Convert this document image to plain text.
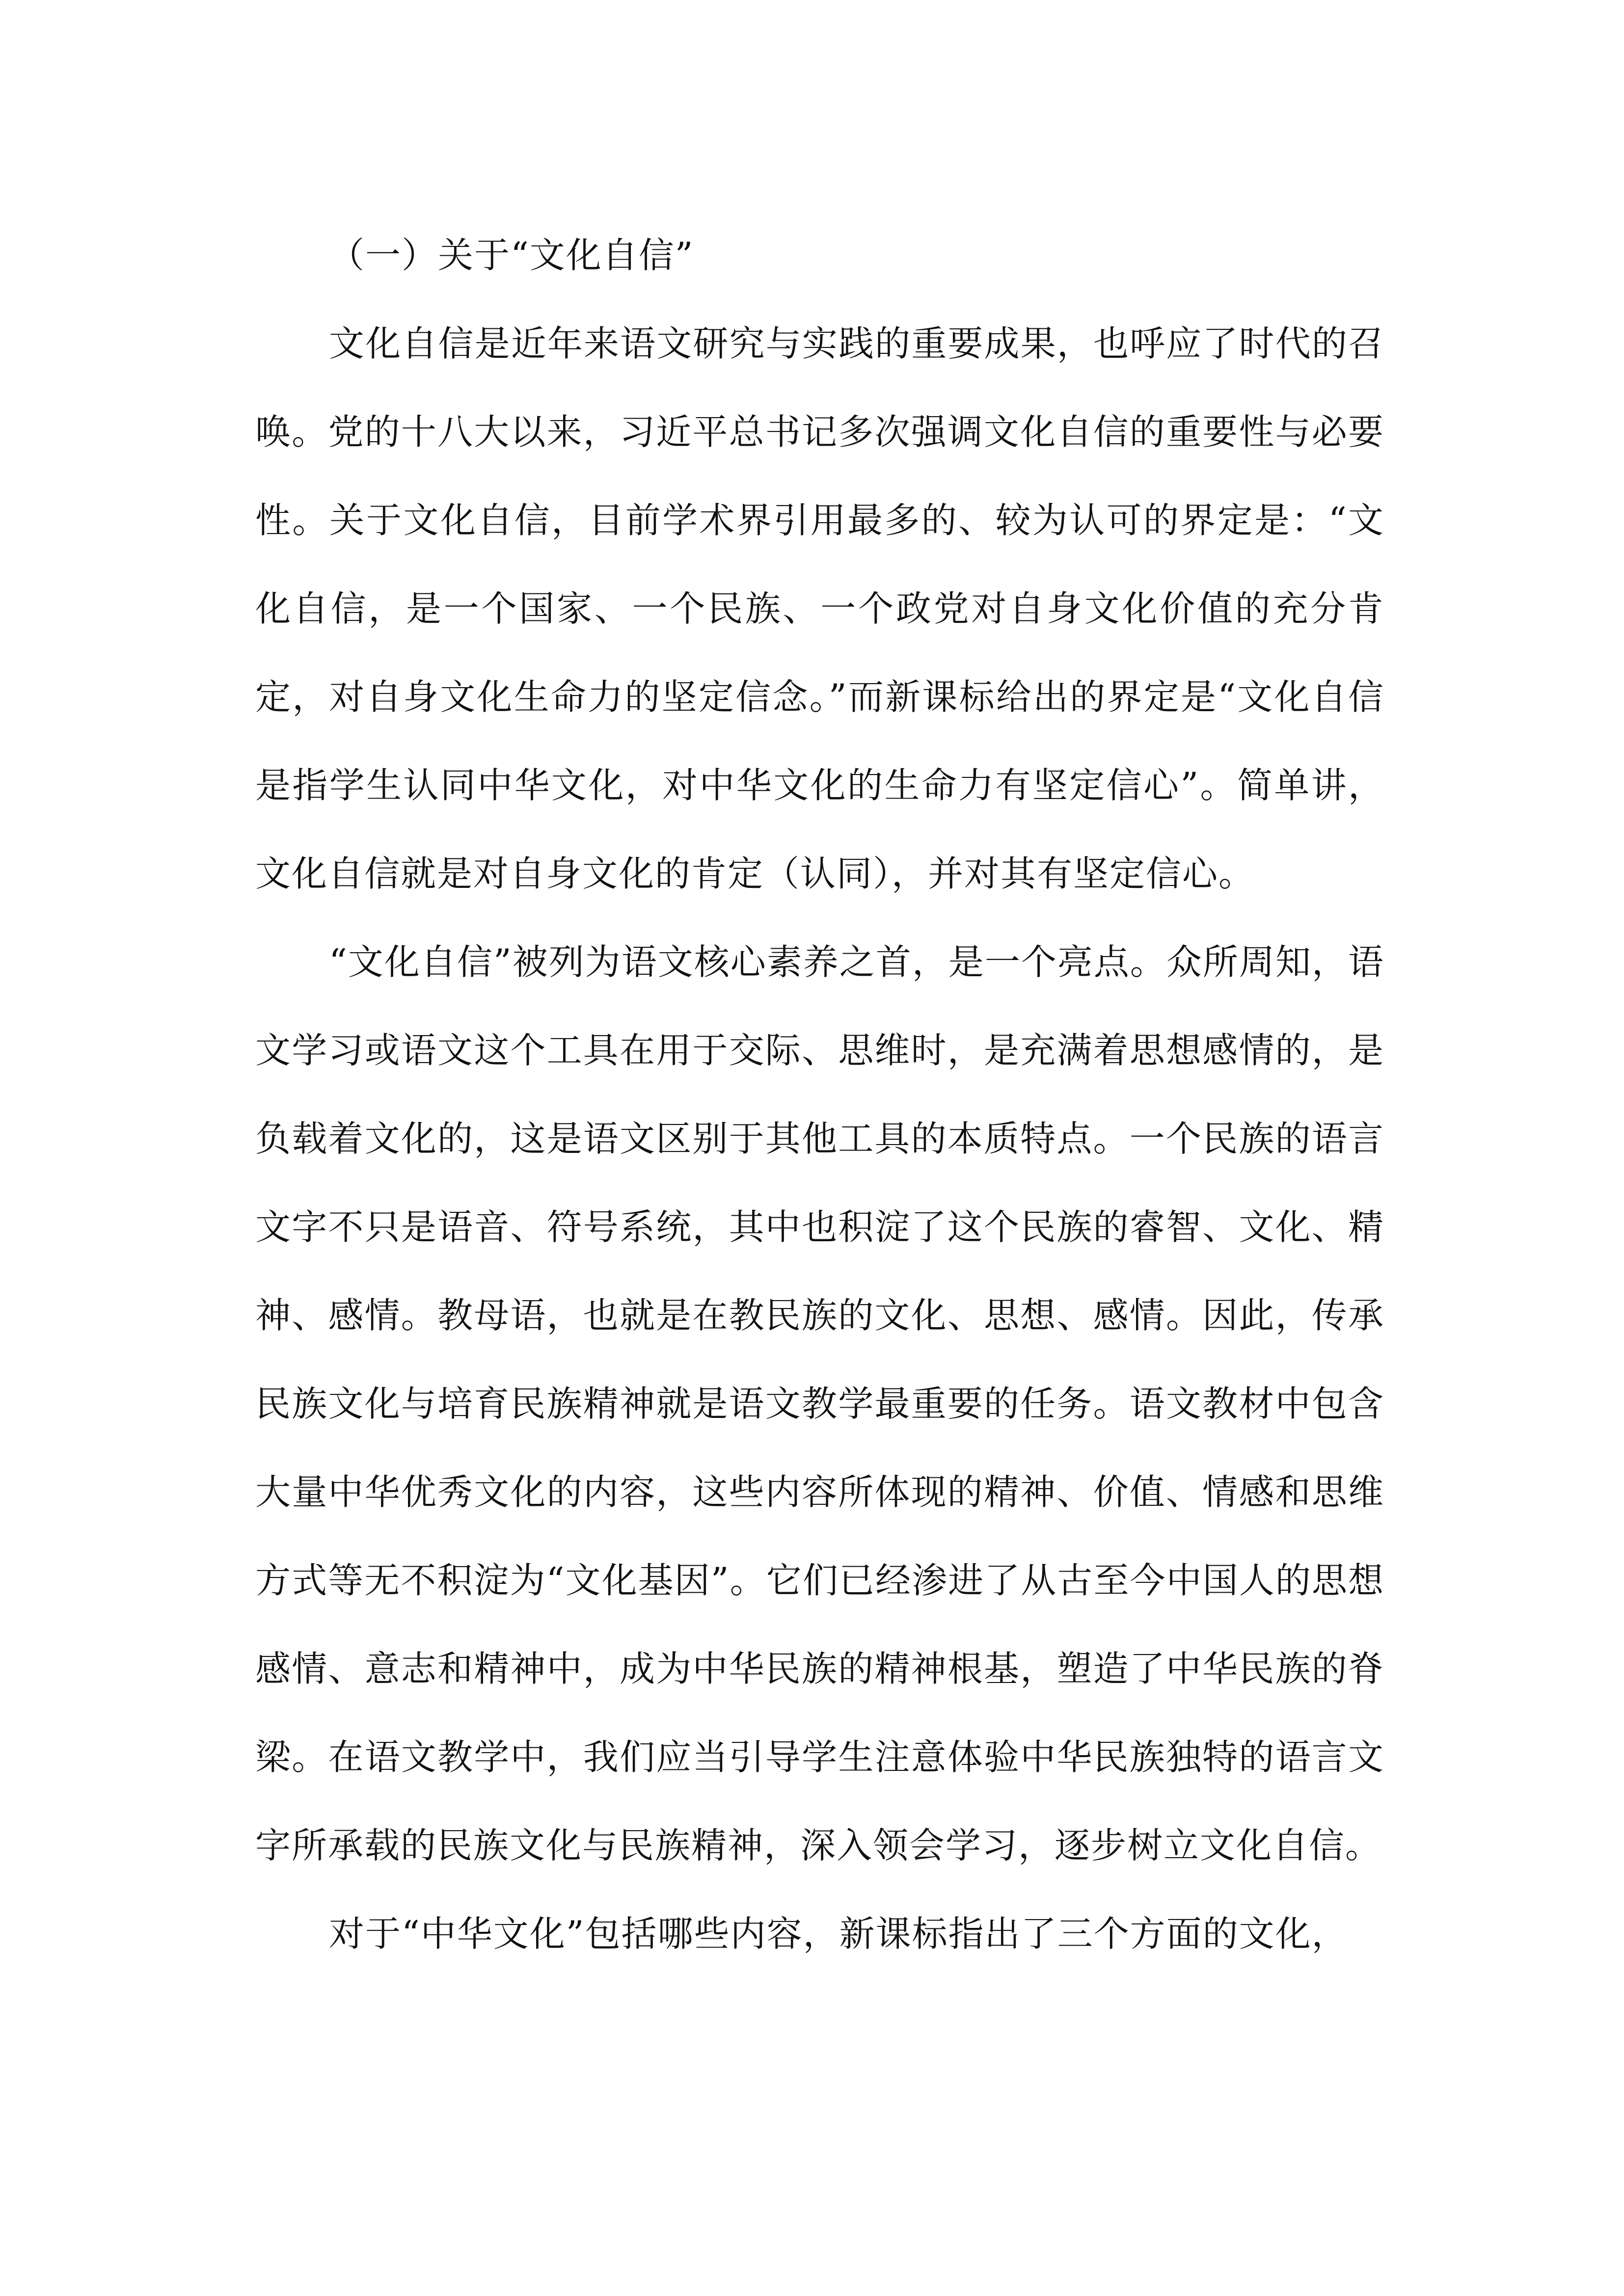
（一）关于“文化自信”

文化自信是近年来语文研究与实践的重要成果，也呼应了时代的召唤。党的十八大以来，习近平总书记多次强调文化自信的重要性与必要性。关于文化自信，目前学术界引用最多的、较为认可的界定是：“文化自信，是一个国家、一个民族、一个政党对自身文化价值的充分肯定，对自身文化生命力的坚定信念。”而新课标给出的界定是“文化自信是指学生认同中华文化，对中华文化的生命力有坚定信心”。简单讲，文化自信就是对自身文化的肯定（认同），并对其有坚定信心。

“文化自信”被列为语文核心素养之首，是一个亮点。众所周知，语文学习或语文这个工具在用于交际、思维时，是充满着思想感情的，是负载着文化的，这是语文区别于其他工具的本质特点。一个民族的语言文字不只是语音、符号系统，其中也积淀了这个民族的睿智、文化、精神、感情。教母语，也就是在教民族的文化、思想、感情。因此，传承民族文化与培育民族精神就是语文教学最重要的任务。语文教材中包含大量中华优秀文化的内容，这些内容所体现的精神、价值、情感和思维方式等无不积淀为“文化基因”。它们已经渗进了从古至今中国人的思想感情、意志和精神中，成为中华民族的精神根基，塑造了中华民族的脊梁。在语文教学中，我们应当引导学生注意体验中华民族独特的语言文字所承载的民族文化与民族精神，深入领会学习，逐步树立文化自信。

对于“中华文化”包括哪些内容，新课标指出了三个方面的文化，
